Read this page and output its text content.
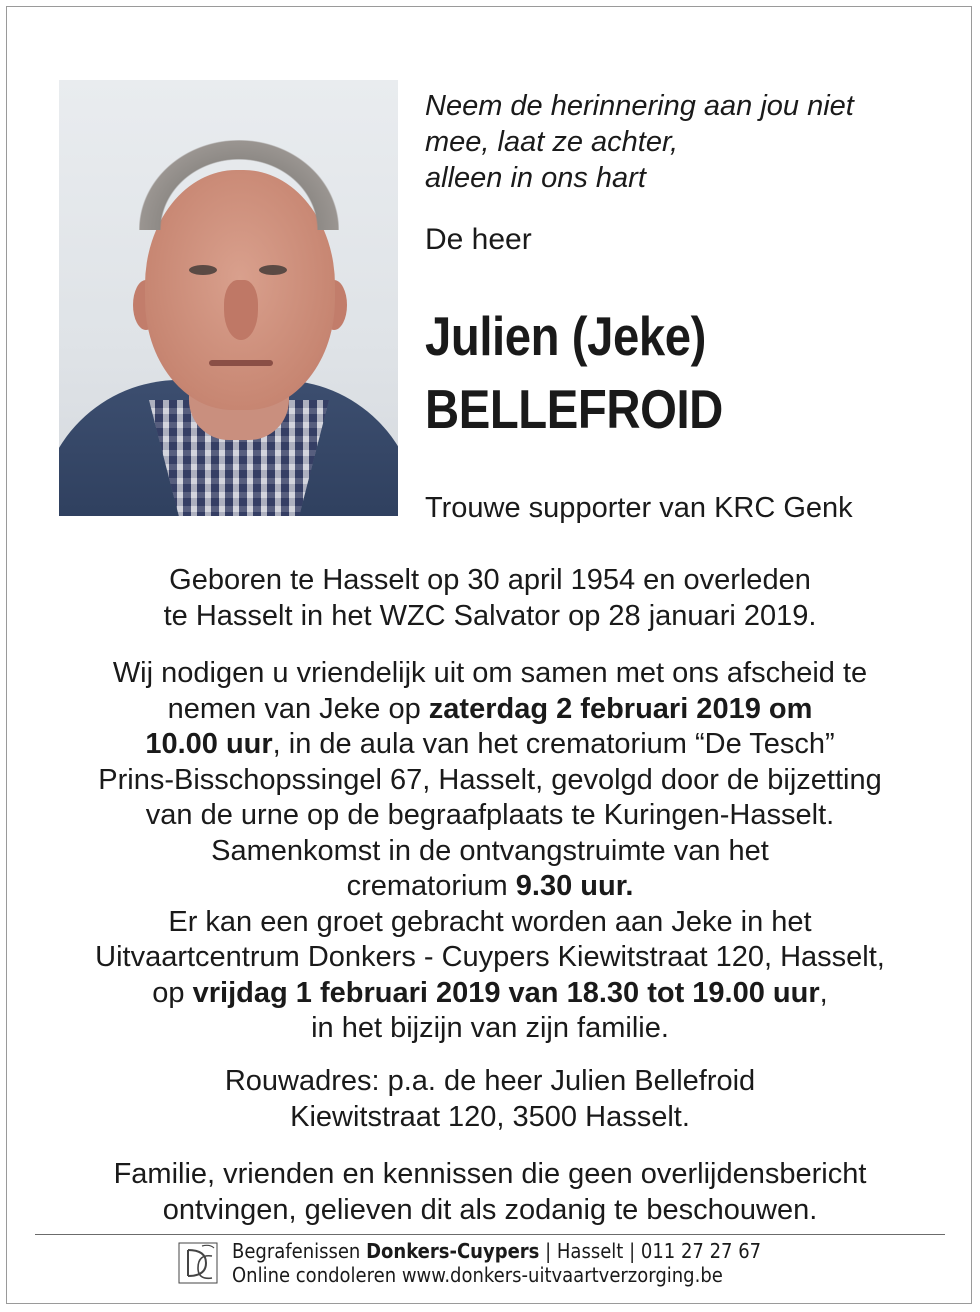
Neem de herinnering aan jou niet
mee, laat ze achter,
alleen in ons hart

De heer

Julien (Jeke)
BELLEFROID

Trouwe supporter van KRC Genk

Geboren te Hasselt op 30 april 1954 en overleden
te Hasselt in het WZC Salvator op 28 januari 2019.

Wij nodigen u vriendelijk uit om samen met ons afscheid te
nemen van Jeke op zaterdag 2 februari 2019 om
10.00 uur, in de aula van het crematorium “De Tesch”
Prins-Bisschopssingel 67, Hasselt, gevolgd door de bijzetting
van de urne op de begraafplaats te Kuringen-Hasselt.
Samenkomst in de ontvangstruimte van het
crematorium 9.30 uur.
Er kan een groet gebracht worden aan Jeke in het
Uitvaartcentrum Donkers - Cuypers Kiewitstraat 120, Hasselt,
op vrijdag 1 februari 2019 van 18.30 tot 19.00 uur,
in het bijzijn van zijn familie.

Rouwadres: p.a. de heer Julien Bellefroid
Kiewitstraat 120, 3500 Hasselt.

Familie, vrienden en kennissen die geen overlijdensbericht
ontvingen, gelieven dit als zodanig te beschouwen.

Begrafenissen Donkers-Cuypers | Hasselt | 011 27 27 67
Online condoleren www.donkers-uitvaartverzorging.be
